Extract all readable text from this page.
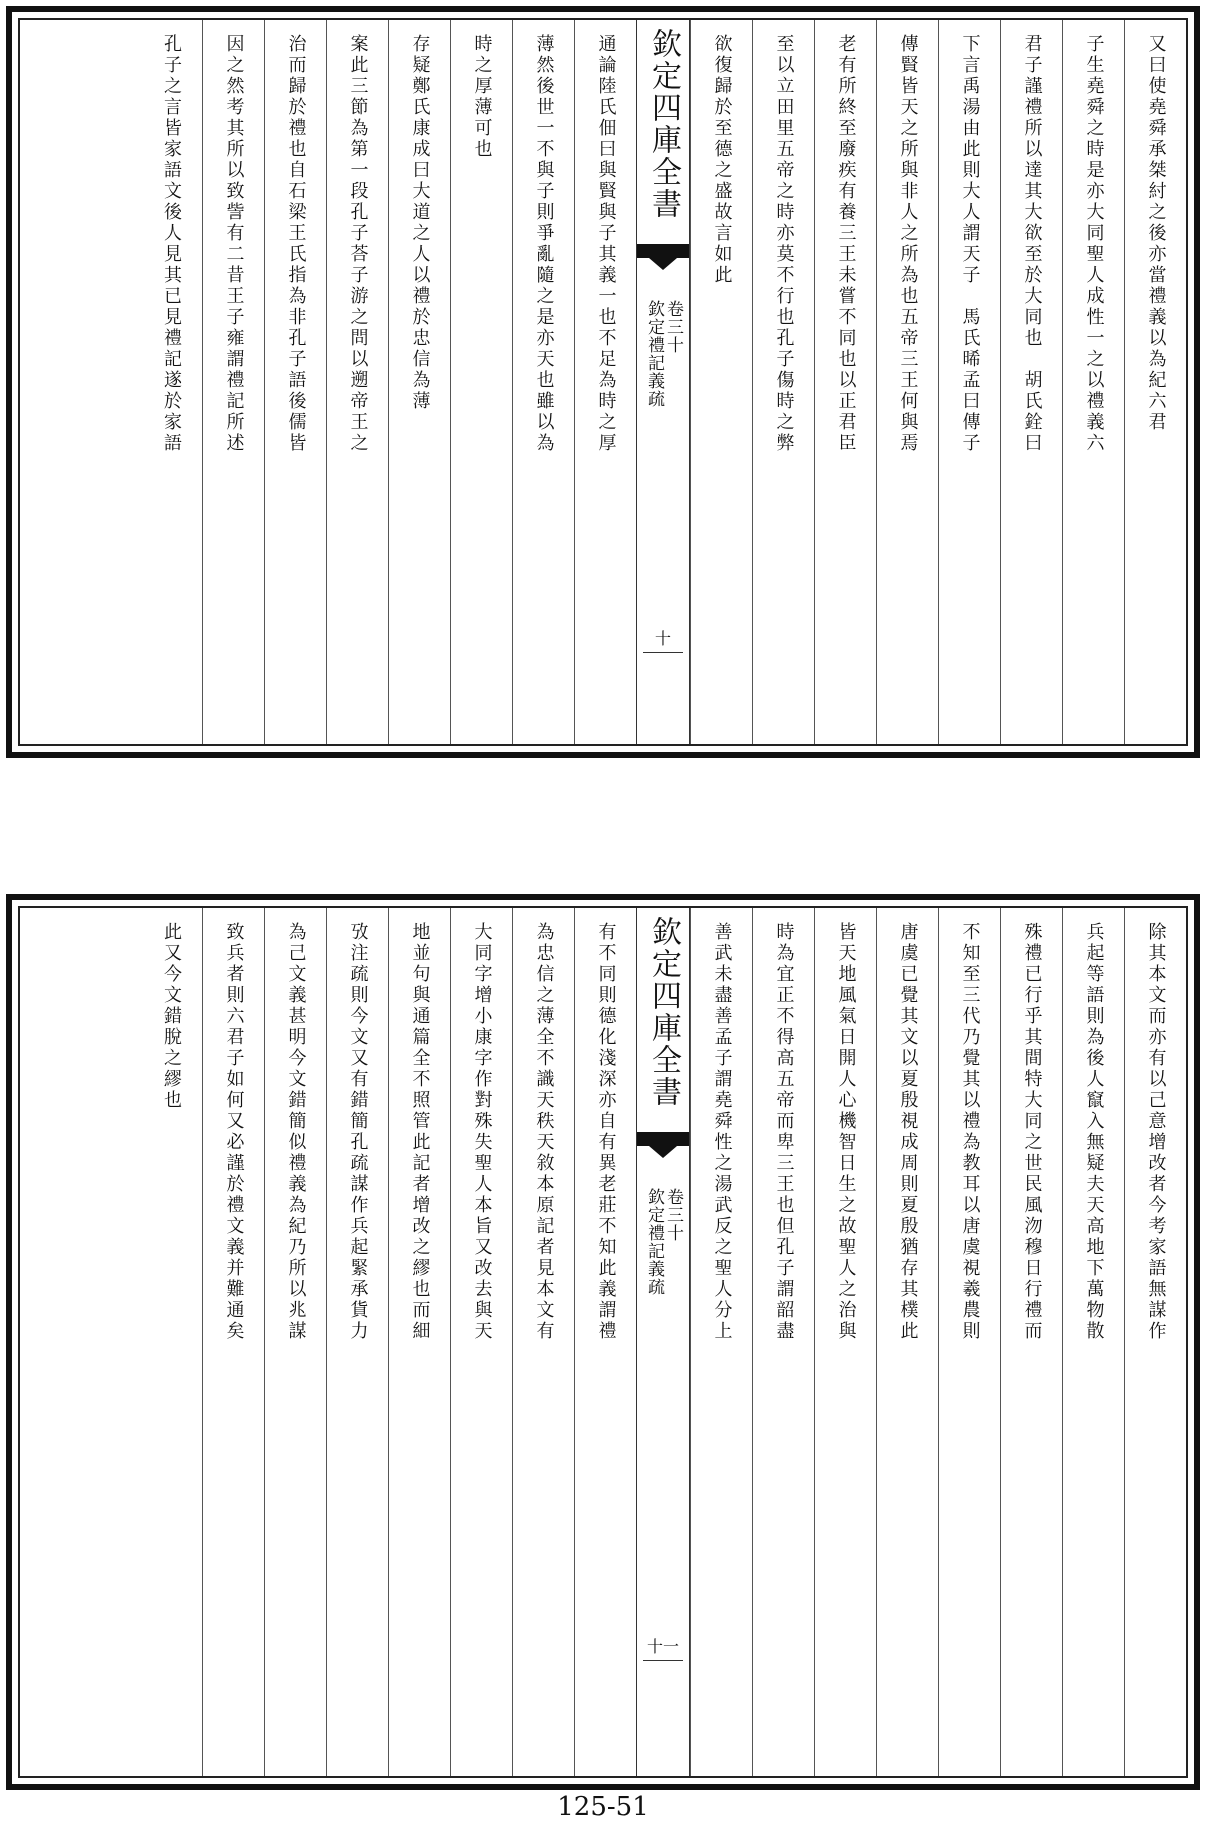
又曰使堯舜承桀紂之後亦當禮義以為紀六君
子生堯舜之時是亦大同聖人成性一之以禮義六
君子謹禮所以達其大欲至於大同也　胡氏銓曰
下言禹湯由此則大人謂天子　馬氏晞孟曰傳子
傳賢皆天之所與非人之所為也五帝三王何與焉
老有所終至廢疾有養三王未嘗不同也以正君臣
至以立田里五帝之時亦莫不行也孔子傷時之弊
欲復歸於至德之盛故言如此
欽定四庫全書
欽定禮記義疏 卷三十
十
通論陸氏佃曰與賢與子其義一也不足為時之厚
薄然後世一不與子則爭亂隨之是亦天也雖以為
時之厚薄可也
存疑鄭氏康成曰大道之人以禮於忠信為薄
案此三節為第一段孔子荅子游之問以遡帝王之
治而歸於禮也自石梁王氏指為非孔子語後儒皆
因之然考其所以致訾有二昔王子雍謂禮記所述
孔子之言皆家語文後人見其已見禮記遂於家語
除其本文而亦有以己意增改者今考家語無謀作
兵起等語則為後人竄入無疑夫天高地下萬物散
殊禮已行乎其間特大同之世民風沕穆日行禮而
不知至三代乃覺其以禮為教耳以唐虞視羲農則
唐虞已覺其文以夏殷視成周則夏殷猶存其樸此
皆天地風氣日開人心機智日生之故聖人之治與
時為宜正不得高五帝而卑三王也但孔子謂韶盡
善武未盡善孟子謂堯舜性之湯武反之聖人分上
欽定四庫全書
欽定禮記義疏 卷三十
十一
有不同則德化淺深亦自有異老莊不知此義謂禮
為忠信之薄全不識天秩天敘本原記者見本文有
大同字增小康字作對殊失聖人本旨又改去與天
地並句與通篇全不照管此記者增改之繆也而細
攷注疏則今文又有錯簡孔疏謀作兵起緊承貨力
為己文義甚明今文錯簡似禮義為紀乃所以兆謀
致兵者則六君子如何又必謹於禮文義并難通矣
此又今文錯脫之繆也
125-51
